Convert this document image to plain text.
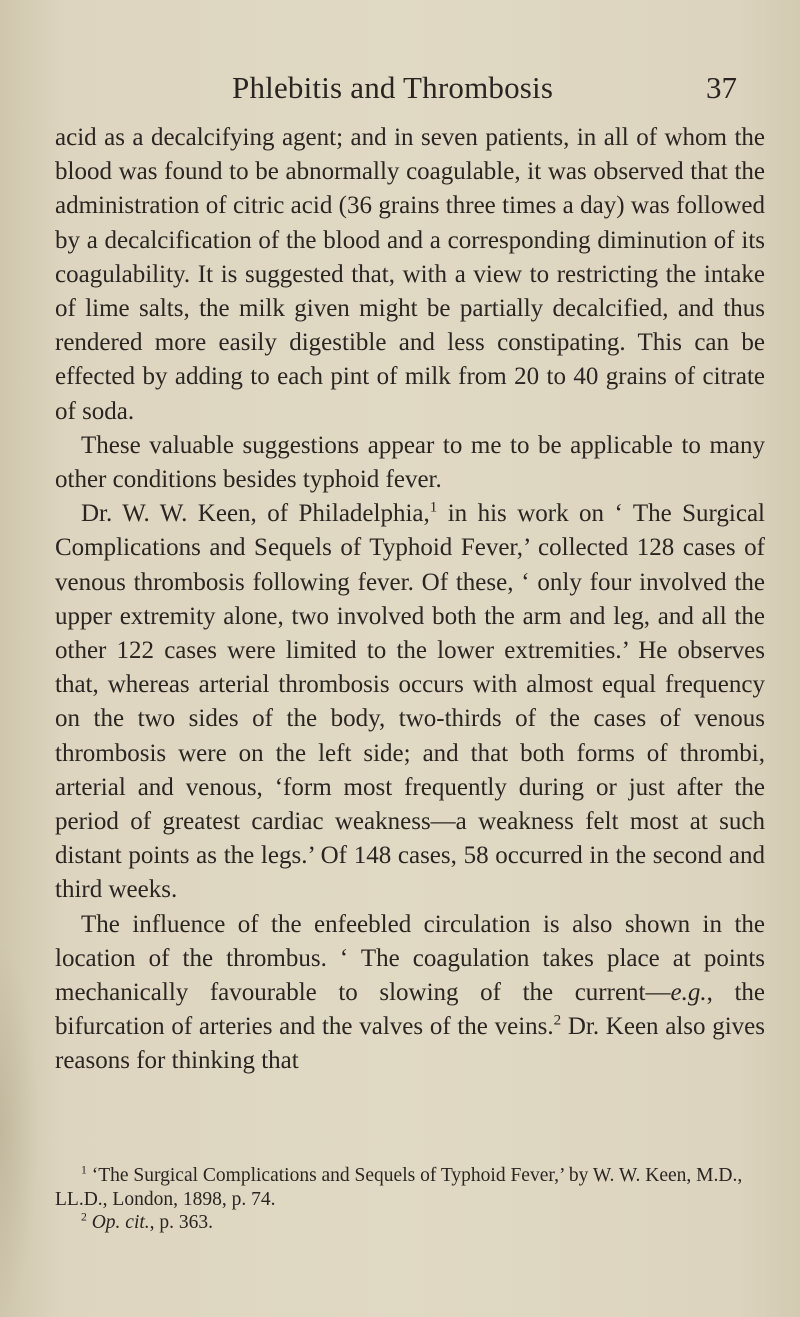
Phlebitis and Thrombosis	37

acid as a decalcifying agent; and in seven patients, in all of whom the blood was found to be abnormally coagulable, it was observed that the administration of citric acid (36 grains three times a day) was followed by a decalcification of the blood and a corresponding diminution of its coagulability. It is suggested that, with a view to restricting the intake of lime salts, the milk given might be partially decalcified, and thus rendered more easily digestible and less constipating. This can be effected by adding to each pint of milk from 20 to 40 grains of citrate of soda.

These valuable suggestions appear to me to be applicable to many other conditions besides typhoid fever.

Dr. W. W. Keen, of Philadelphia,$^1$ in his work on ‘ The Surgical Complications and Sequels of Typhoid Fever,’ collected 128 cases of venous thrombosis following fever. Of these, ‘ only four involved the upper extremity alone, two involved both the arm and leg, and all the other 122 cases were limited to the lower extremities.’ He observes that, whereas arterial thrombosis occurs with almost equal frequency on the two sides of the body, two-thirds of the cases of venous thrombosis were on the left side; and that both forms of thrombi, arterial and venous, ‘form most frequently during or just after the period of greatest cardiac weakness—a weakness felt most at such distant points as the legs.’ Of 148 cases, 58 occurred in the second and third weeks.

The influence of the enfeebled circulation is also shown in the location of the thrombus. ‘ The coagulation takes place at points mechanically favourable to slowing of the current—e.g., the bifurcation of arteries and the valves of the veins.$^2$ Dr. Keen also gives reasons for thinking that

$^1$ ‘The Surgical Complications and Sequels of Typhoid Fever,’ by W. W. Keen, M.D., LL.D., London, 1898, p. 74.

$^2$ Op. cit., p. 363.
